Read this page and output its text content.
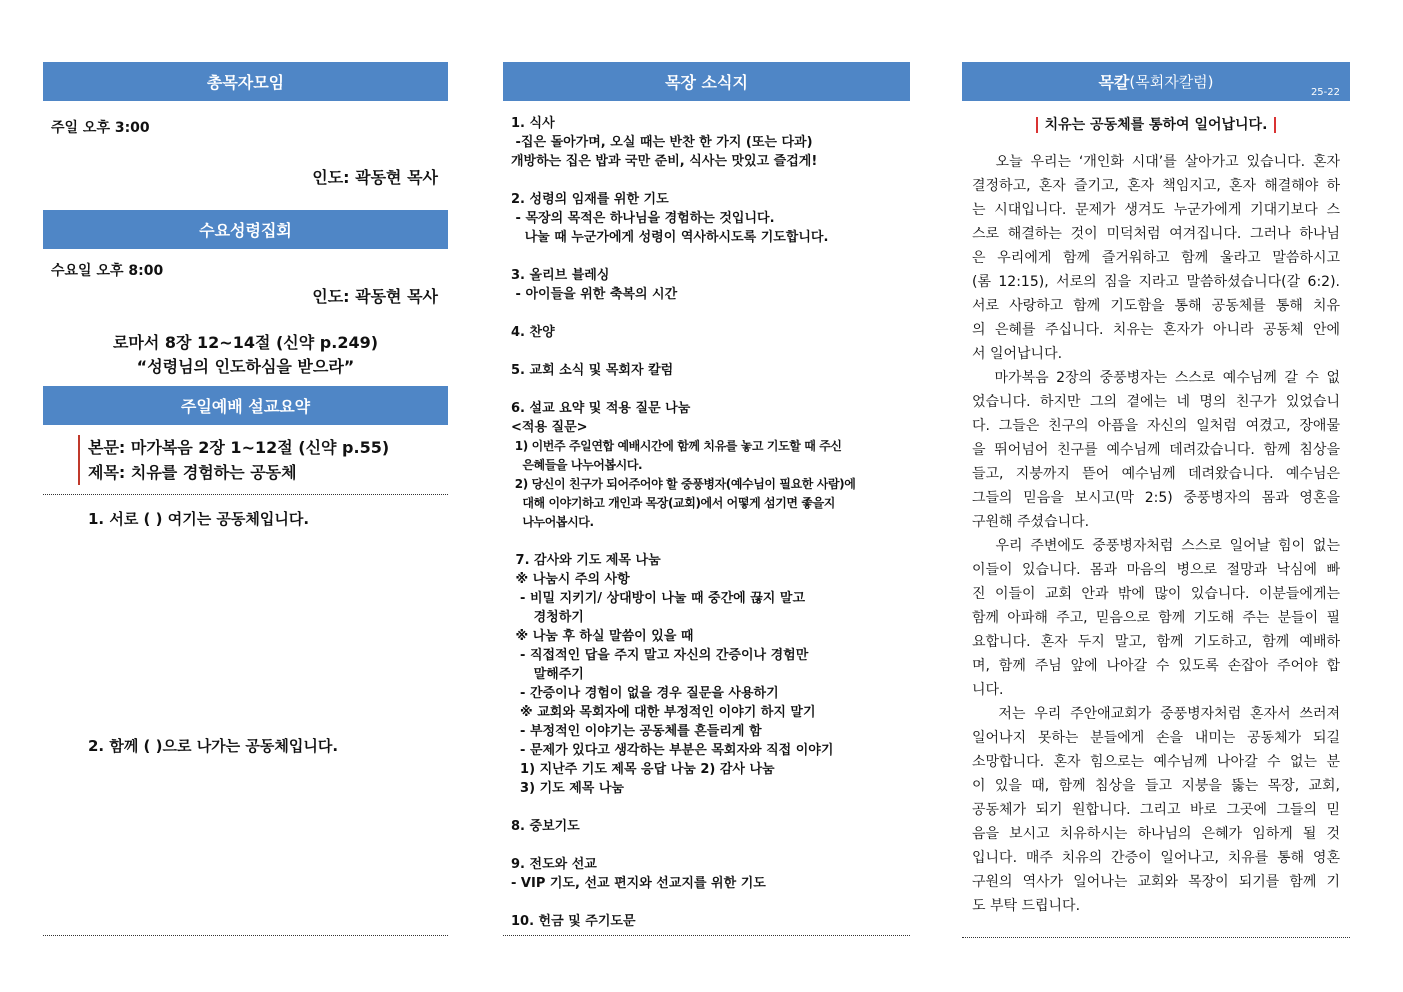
총목자모임
주일 오후 3:00
인도: 곽동현 목사
수요성령집회
수요일 오후 8:00
인도: 곽동현 목사
로마서 8장 12~14절 (신약 p.249)
“성령님의 인도하심을 받으라”
주일예배 설교요약
본문: 마가복음 2장 1~12절 (신약 p.55)
제목: 치유를 경험하는 공동체
1. 서로 ( ) 여기는 공동체입니다.
2. 함께 ( )으로 나가는 공동체입니다.
목장 소식지
1. 식사
-집은 돌아가며, 오실 때는 반찬 한 가지 (또는 다과)
개방하는 집은 밥과 국만 준비, 식사는 맛있고 즐겁게!
2. 성령의 임재를 위한 기도
- 목장의 목적은 하나님을 경험하는 것입니다.
나눌 때 누군가에게 성령이 역사하시도록 기도합니다.
3. 올리브 블레싱
- 아이들을 위한 축복의 시간
4. 찬양
5. 교회 소식 및 목회자 칼럼
6. 설교 요약 및 적용 질문 나눔
<적용 질문>
1) 이번주 주일연합 예배시간에 함께 치유를 놓고 기도할 때 주신
은혜들을 나누어봅시다.
2) 당신이 친구가 되어주어야 할 중풍병자(예수님이 필요한 사람)에
대해 이야기하고 개인과 목장(교회)에서 어떻게 섬기면 좋을지
나누어봅시다.
7. 감사와 기도 제목 나눔
※ 나눔시 주의 사항
- 비밀 지키기/ 상대방이 나눌 때 중간에 끊지 말고
경청하기
※ 나눔 후 하실 말씀이 있을 때
- 직접적인 답을 주지 말고 자신의 간증이나 경험만
말해주기
- 간증이나 경험이 없을 경우 질문을 사용하기
※ 교회와 목회자에 대한 부정적인 이야기 하지 말기
- 부정적인 이야기는 공동체를 흔들리게 함
- 문제가 있다고 생각하는 부분은 목회자와 직접 이야기
1) 지난주 기도 제목 응답 나눔 2) 감사 나눔
3) 기도 제목 나눔
8. 중보기도
9. 전도와 선교
- VIP 기도, 선교 편지와 선교지를 위한 기도
10. 헌금 및 주기도문
목칼 (목회자칼럼)
25-22
치유는 공동체를 통하여 일어납니다.
오늘 우리는 ‘개인화 시대’를 살아가고 있습니다. 혼자
결정하고, 혼자 즐기고, 혼자 책임지고, 혼자 해결해야 하
는 시대입니다. 문제가 생겨도 누군가에게 기대기보다 스
스로 해결하는 것이 미덕처럼 여겨집니다. 그러나 하나님
은 우리에게 함께 즐거워하고 함께 울라고 말씀하시고
(롬 12:15), 서로의 짐을 지라고 말씀하셨습니다(갈 6:2).
서로 사랑하고 함께 기도함을 통해 공동체를 통해 치유
의 은혜를 주십니다. 치유는 혼자가 아니라 공동체 안에
서 일어납니다.
마가복음 2장의 중풍병자는 스스로 예수님께 갈 수 없
었습니다. 하지만 그의 곁에는 네 명의 친구가 있었습니
다. 그들은 친구의 아픔을 자신의 일처럼 여겼고, 장애물
을 뛰어넘어 친구를 예수님께 데려갔습니다. 함께 침상을
들고, 지붕까지 뜯어 예수님께 데려왔습니다. 예수님은
그들의 믿음을 보시고(막 2:5) 중풍병자의 몸과 영혼을
구원해 주셨습니다.
우리 주변에도 중풍병자처럼 스스로 일어날 힘이 없는
이들이 있습니다. 몸과 마음의 병으로 절망과 낙심에 빠
진 이들이 교회 안과 밖에 많이 있습니다. 이분들에게는
함께 아파해 주고, 믿음으로 함께 기도해 주는 분들이 필
요합니다. 혼자 두지 말고, 함께 기도하고, 함께 예배하
며, 함께 주님 앞에 나아갈 수 있도록 손잡아 주어야 합
니다.
저는 우리 주안애교회가 중풍병자처럼 혼자서 쓰러져
일어나지 못하는 분들에게 손을 내미는 공동체가 되길
소망합니다. 혼자 힘으로는 예수님께 나아갈 수 없는 분
이 있을 때, 함께 침상을 들고 지붕을 뚫는 목장, 교회,
공동체가 되기 원합니다. 그리고 바로 그곳에 그들의 믿
음을 보시고 치유하시는 하나님의 은혜가 임하게 될 것
입니다. 매주 치유의 간증이 일어나고, 치유를 통해 영혼
구원의 역사가 일어나는 교회와 목장이 되기를 함께 기
도 부탁 드립니다.
